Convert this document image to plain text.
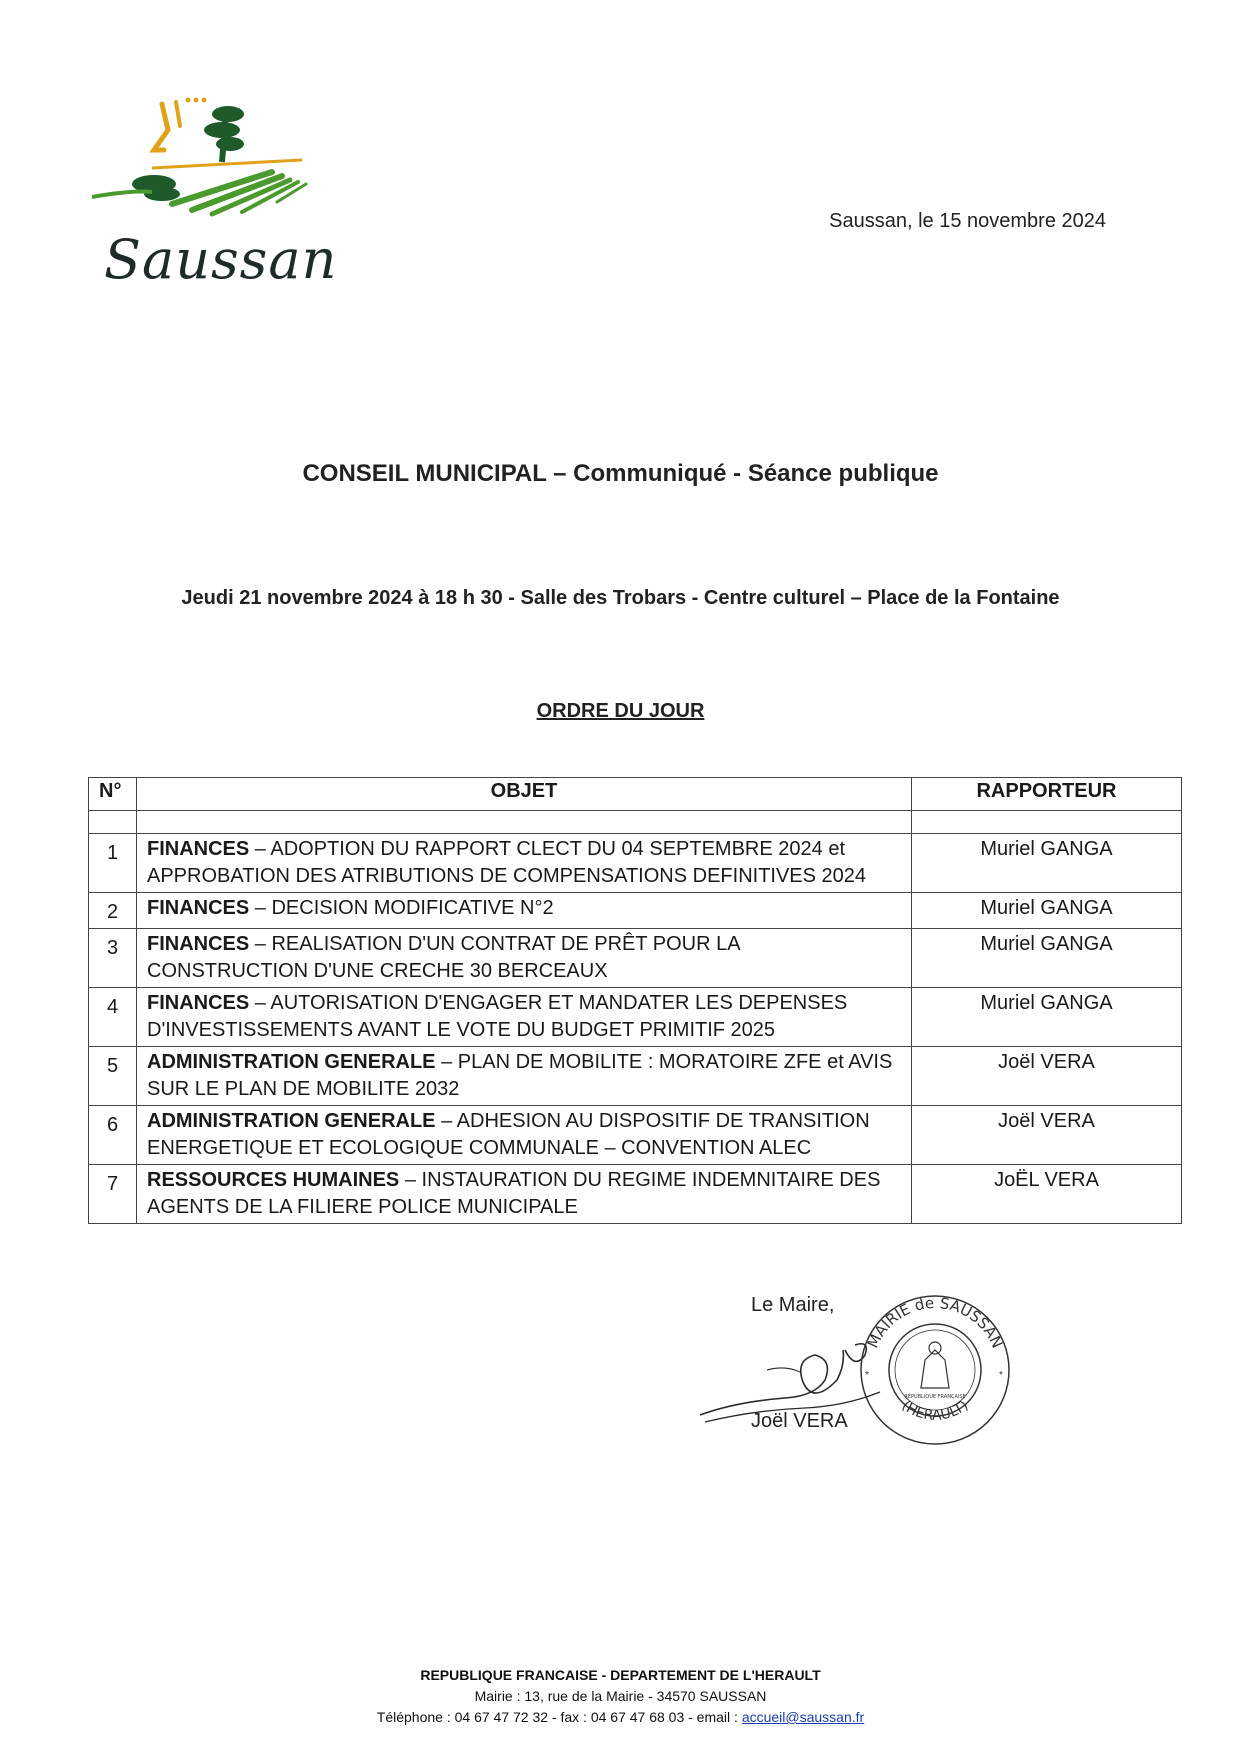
Saussan
Saussan, le 15 novembre 2024
CONSEIL MUNICIPAL – Communiqué - Séance publique
Jeudi 21 novembre 2024 à 18 h 30 - Salle des Trobars - Centre culturel – Place de la Fontaine
ORDRE DU JOUR
N°	OBJET	RAPPORTEUR

1	FINANCES – ADOPTION DU RAPPORT CLECT DU 04 SEPTEMBRE 2024 et APPROBATION DES ATRIBUTIONS DE COMPENSATIONS DEFINITIVES 2024	Muriel GANGA
2	FINANCES – DECISION MODIFICATIVE N°2	Muriel GANGA
3	FINANCES – REALISATION D'UN CONTRAT DE PRÊT POUR LA CONSTRUCTION D'UNE CRECHE 30 BERCEAUX	Muriel GANGA
4	FINANCES – AUTORISATION D'ENGAGER ET MANDATER LES DEPENSES D'INVESTISSEMENTS AVANT LE VOTE DU BUDGET PRIMITIF 2025	Muriel GANGA
5	ADMINISTRATION GENERALE – PLAN DE MOBILITE : MORATOIRE ZFE et AVIS SUR LE PLAN DE MOBILITE 2032	Joël VERA
6	ADMINISTRATION GENERALE – ADHESION AU DISPOSITIF DE TRANSITION ENERGETIQUE ET ECOLOGIQUE COMMUNALE – CONVENTION ALEC	Joël VERA
7	RESSOURCES HUMAINES – INSTAURATION DU REGIME INDEMNITAIRE DES AGENTS DE LA FILIERE POLICE MUNICIPALE	JoËL VERA
Le Maire,
MAIRIE de SAUSSAN
(HERAULT)
RÉPUBLIQUE FRANÇAISE
*	*
Joël VERA
REPUBLIQUE FRANCAISE - DEPARTEMENT DE L'HERAULT
Mairie : 13, rue de la Mairie - 34570 SAUSSAN
Téléphone : 04 67 47 72 32 - fax : 04 67 47 68 03 - email : accueil@saussan.fr
